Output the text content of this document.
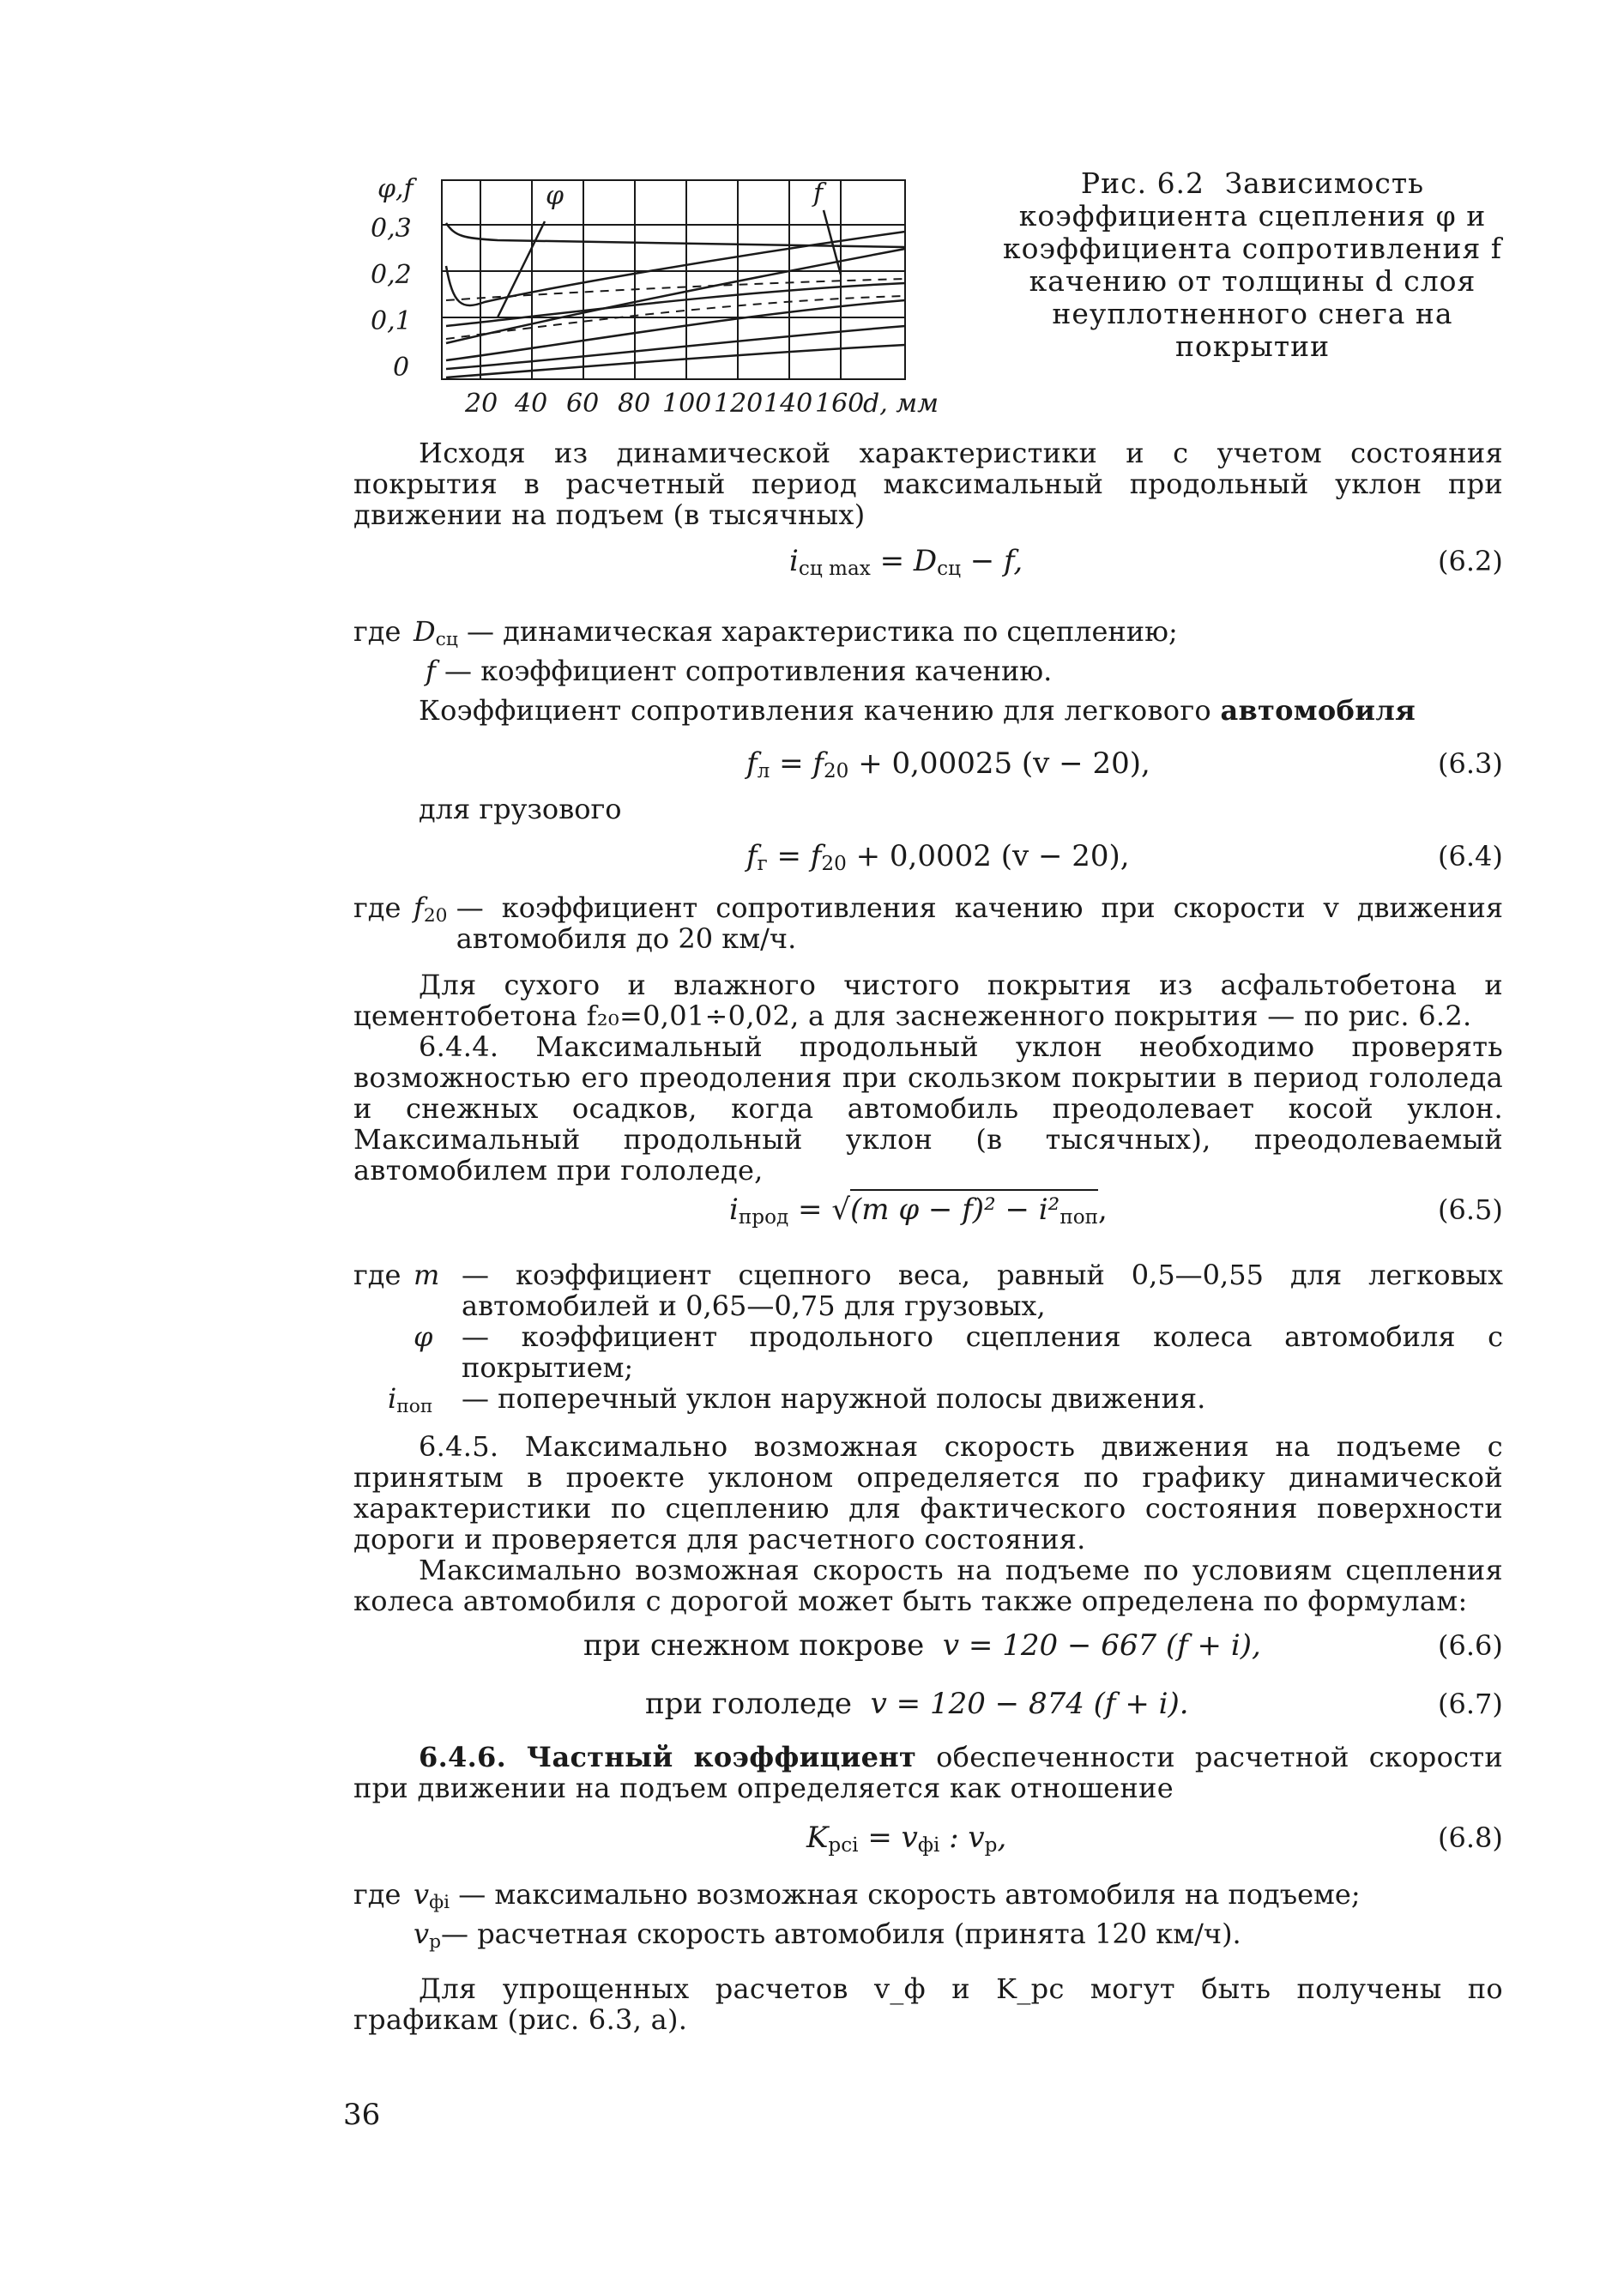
φ,f
0,3
0,2
0,1
0
φ	f
20 40 60 80 100 120 140 160
d, мм
Рис. 6.2 Зависимость коэффициента сцепления φ и коэффициента сопротивления f качению от толщины d слоя неуплотненного снега на покрытии
Исходя из динамической характеристики и с учетом состояния покрытия в расчетный период максимальный продольный уклон при движении на подъем (в тысячных)
$i_{сц max} = D_{сц} - f$,	(6.2)
где $D_{сц}$ — динамическая характеристика по сцеплению;
f — коэффициент сопротивления качению.
Коэффициент сопротивления качению для легкового автомобиля
$f_л = f_{20} + 0,00025$ (v − 20),	(6.3)
для грузового
$f_г = f_{20} + 0,0002$ (v − 20),	(6.4)
где $f_{20}$ — коэффициент сопротивления качению при скорости v движения автомобиля до 20 км/ч.
Для сухого и влажного чистого покрытия из асфальтобетона и цементобетона f₂₀=0,01÷0,02, а для заснеженного покрытия — по рис. 6.2.
6.4.4. Максимальный продольный уклон необходимо проверять возможностью его преодоления при скользком покрытии в период гололеда и снежных осадков, когда автомобиль преодолевает косой уклон. Максимальный продольный уклон (в тысячных), преодолеваемый автомобилем при гололеде,
$i_{прод} = √(m$ $\varphi - f)^2 - i^2_{поп}$,	(6.5)
где m — коэффициент сцепного веса, равный 0,5—0,55 для легковых автомобилей и 0,65—0,75 для грузовых,
φ	— коэффициент продольного сцепления колеса автомобиля с покрытием;
$i_{поп}$	— поперечный уклон наружной полосы движения.
6.4.5. Максимально возможная скорость движения на подъеме с принятым в проекте уклоном определяется по графику динамической характеристики по сцеплению для фактического состояния поверхности дороги и проверяется для расчетного состояния.
Максимально возможная скорость на подъеме по условиям сцепления колеса автомобиля с дорогой может быть также определена по формулам:
при снежном покрове v = 120 − 667 (f + i),	(6.6)
при гололеде v = 120 − 874 (f + i).	(6.7)
6.4.6. Частный коэффициент обеспеченности расчетной скорости при движении на подъем определяется как отношение
$K_{рсi} = v_{фi}$ : $v_р$,	(6.8)
где $v_{фi}$ — максимально возможная скорость автомобиля на подъеме;
$v_р$ — расчетная скорость автомобиля (принята 120 км/ч).
Для упрощенных расчетов v_ф и K_рс могут быть получены по графикам (рис. 6.3, а).
36
